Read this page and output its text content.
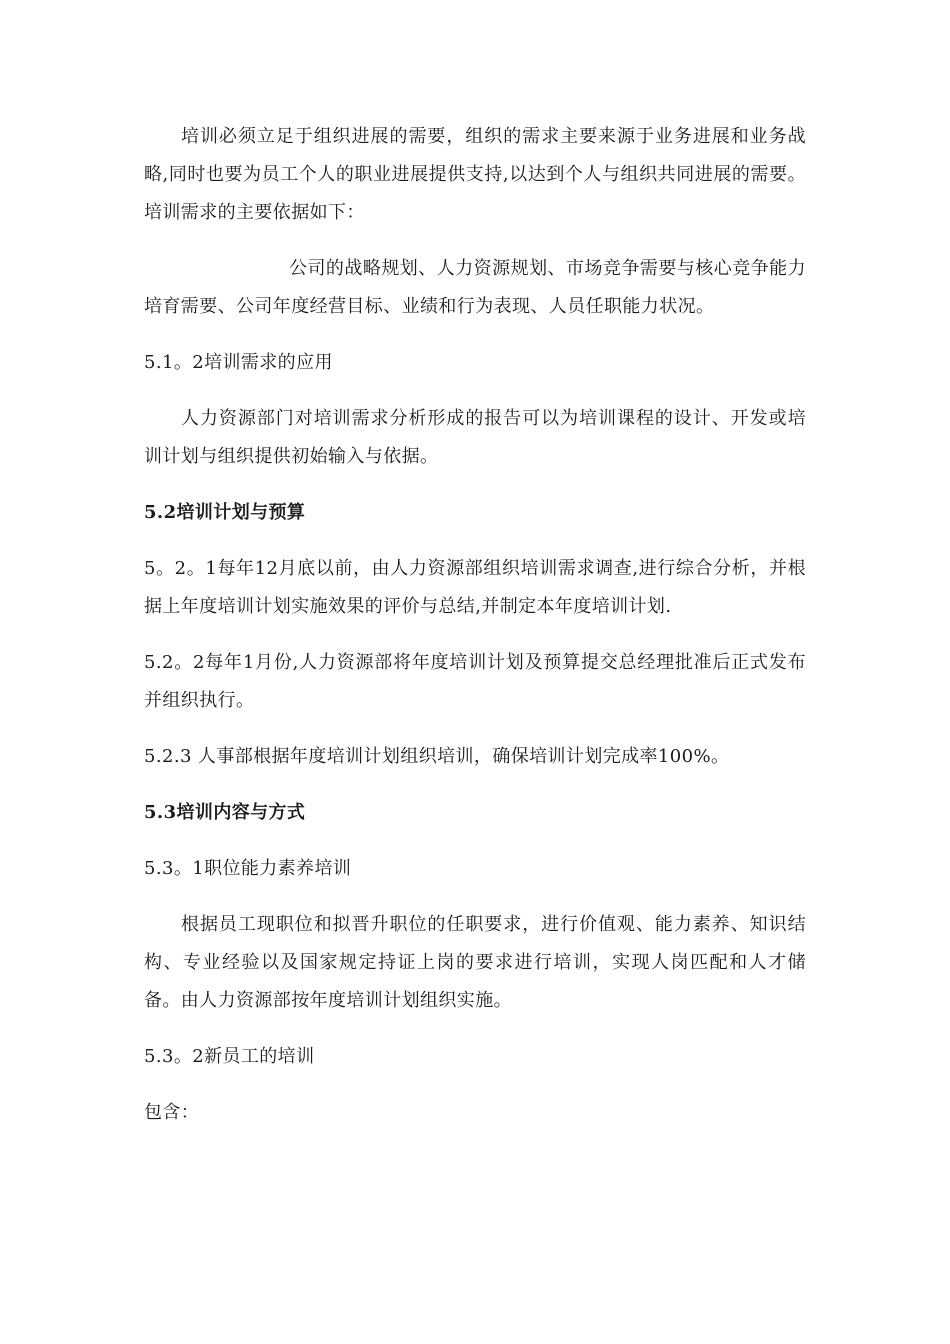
培训必须立足于组织进展的需要，组织的需求主要来源于业务进展和业务战略,同时也要为员工个人的职业进展提供支持,以达到个人与组织共同进展的需要。培训需求的主要依据如下：

公司的战略规划、人力资源规划、市场竞争需要与核心竞争能力培育需要、公司年度经营目标、业绩和行为表现、人员任职能力状况。

5.1。2培训需求的应用

人力资源部门对培训需求分析形成的报告可以为培训课程的设计、开发或培训计划与组织提供初始输入与依据。

5.2培训计划与预算

5。2。1每年12月底以前，由人力资源部组织培训需求调查,进行综合分析，并根据上年度培训计划实施效果的评价与总结,并制定本年度培训计划.

5.2。2每年1月份,人力资源部将年度培训计划及预算提交总经理批准后正式发布并组织执行。

5.2.3 人事部根据年度培训计划组织培训，确保培训计划完成率100%。

5.3培训内容与方式

5.3。1职位能力素养培训

根据员工现职位和拟晋升职位的任职要求，进行价值观、能力素养、知识结构、专业经验以及国家规定持证上岗的要求进行培训，实现人岗匹配和人才储备。由人力资源部按年度培训计划组织实施。

5.3。2新员工的培训

包含：
